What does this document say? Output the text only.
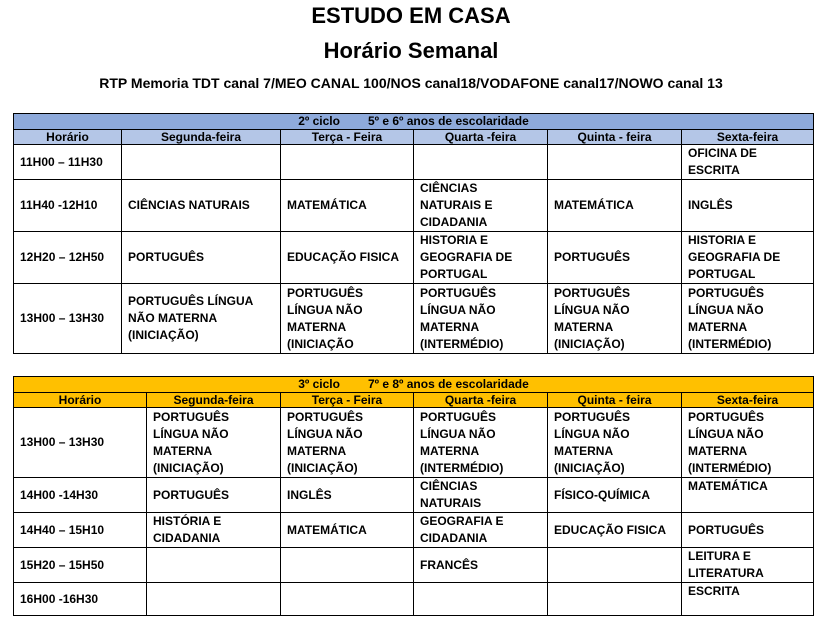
ESTUDO EM CASA
Horário Semanal
RTP Memoria TDT canal 7/MEO CANAL 100/NOS canal18/VODAFONE canal17/NOWO canal 13
2º ciclo 5º e 6º anos de escolaridade					
Horário	Segunda-feira	Terça - Feira	Quarta -feira	Quinta - feira	Sexta-feira
11H00 – 11H30					OFICINA DE ESCRITA
11H40 -12H10	CIÊNCIAS NATURAIS	MATEMÁTICA	CIÊNCIAS NATURAIS E CIDADANIA	MATEMÁTICA	INGLÊS
12H20 – 12H50	PORTUGUÊS	EDUCAÇÃO FISICA	HISTORIA E GEOGRAFIA DE PORTUGAL	PORTUGUÊS	HISTORIA E GEOGRAFIA DE PORTUGAL
13H00 – 13H30	PORTUGUÊS LÍNGUA NÃO MATERNA (INICIAÇÃO)	PORTUGUÊS LÍNGUA NÃO MATERNA (INICIAÇÃO	PORTUGUÊS LÍNGUA NÃO MATERNA (INTERMÉDIO)	PORTUGUÊS LÍNGUA NÃO MATERNA (INICIAÇÃO)	PORTUGUÊS LÍNGUA NÃO MATERNA (INTERMÉDIO)
3º ciclo 7º e 8º anos de escolaridade					
Horário	Segunda-feira	Terça - Feira	Quarta -feira	Quinta - feira	Sexta-feira
13H00 – 13H30	PORTUGUÊS LÍNGUA NÃO MATERNA (INICIAÇÃO)	PORTUGUÊS LÍNGUA NÃO MATERNA (INICIAÇÃO)	PORTUGUÊS LÍNGUA NÃO MATERNA (INTERMÉDIO)	PORTUGUÊS LÍNGUA NÃO MATERNA (INICIAÇÃO)	PORTUGUÊS LÍNGUA NÃO MATERNA (INTERMÉDIO)
14H00 -14H30	PORTUGUÊS	INGLÊS	CIÊNCIAS NATURAIS	FÍSICO-QUÍMICA	MATEMÁTICA
14H40 – 15H10	HISTÓRIA E CIDADANIA	MATEMÁTICA	GEOGRAFIA E CIDADANIA	EDUCAÇÃO FISICA	PORTUGUÊS
15H20 – 15H50			FRANCÊS		LEITURA E LITERATURA
16H00 -16H30					ESCRITA
